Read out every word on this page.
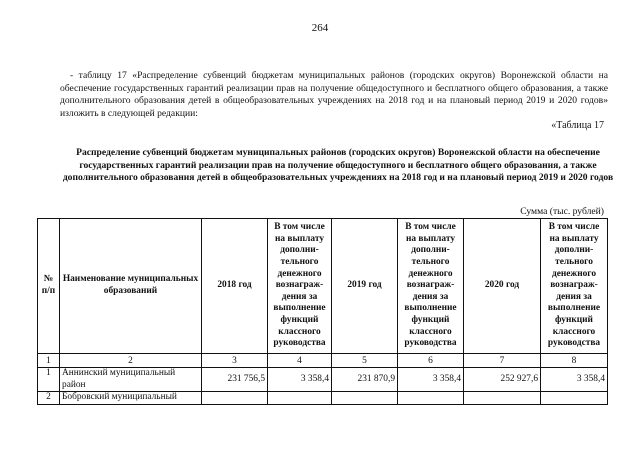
264
- таблицу 17 «Распределение субвенций бюджетам муниципальных районов (городских округов) Воронежской области на обеспечение государственных гарантий реализации прав на получение общедоступного и бесплатного общего образования, а также дополнительного образования детей в общеобразовательных учреждениях на 2018 год и на плановый период 2019 и 2020 годов» изложить в следующей редакции:
«Таблица 17
Распределение субвенций бюджетам муниципальных районов (городских округов) Воронежской области на обеспечение государственных гарантий реализации прав на получение общедоступного и бесплатного общего образования, а также дополнительного образования детей в общеобразовательных учреждениях на 2018 год и на плановый период 2019 и 2020 годов
Сумма (тыс. рублей)
№ п/п	Наименование муниципальных образований	2018 год	В том числе на выплату дополни-тельного денежного вознаграж-дения за выполнение функций классного руководства	2019 год	В том числе на выплату дополни-тельного денежного вознаграж-дения за выполнение функций классного руководства	2020 год	В том числе на выплату дополни-тельного денежного вознаграж-дения за выполнение функций классного руководства
1	2	3	4	5	6	7	8
1	Аннинский муниципальный район	231 756,5	3 358,4	231 870,9	3 358,4	252 927,6	3 358,4
2	Бобровский муниципальный						
